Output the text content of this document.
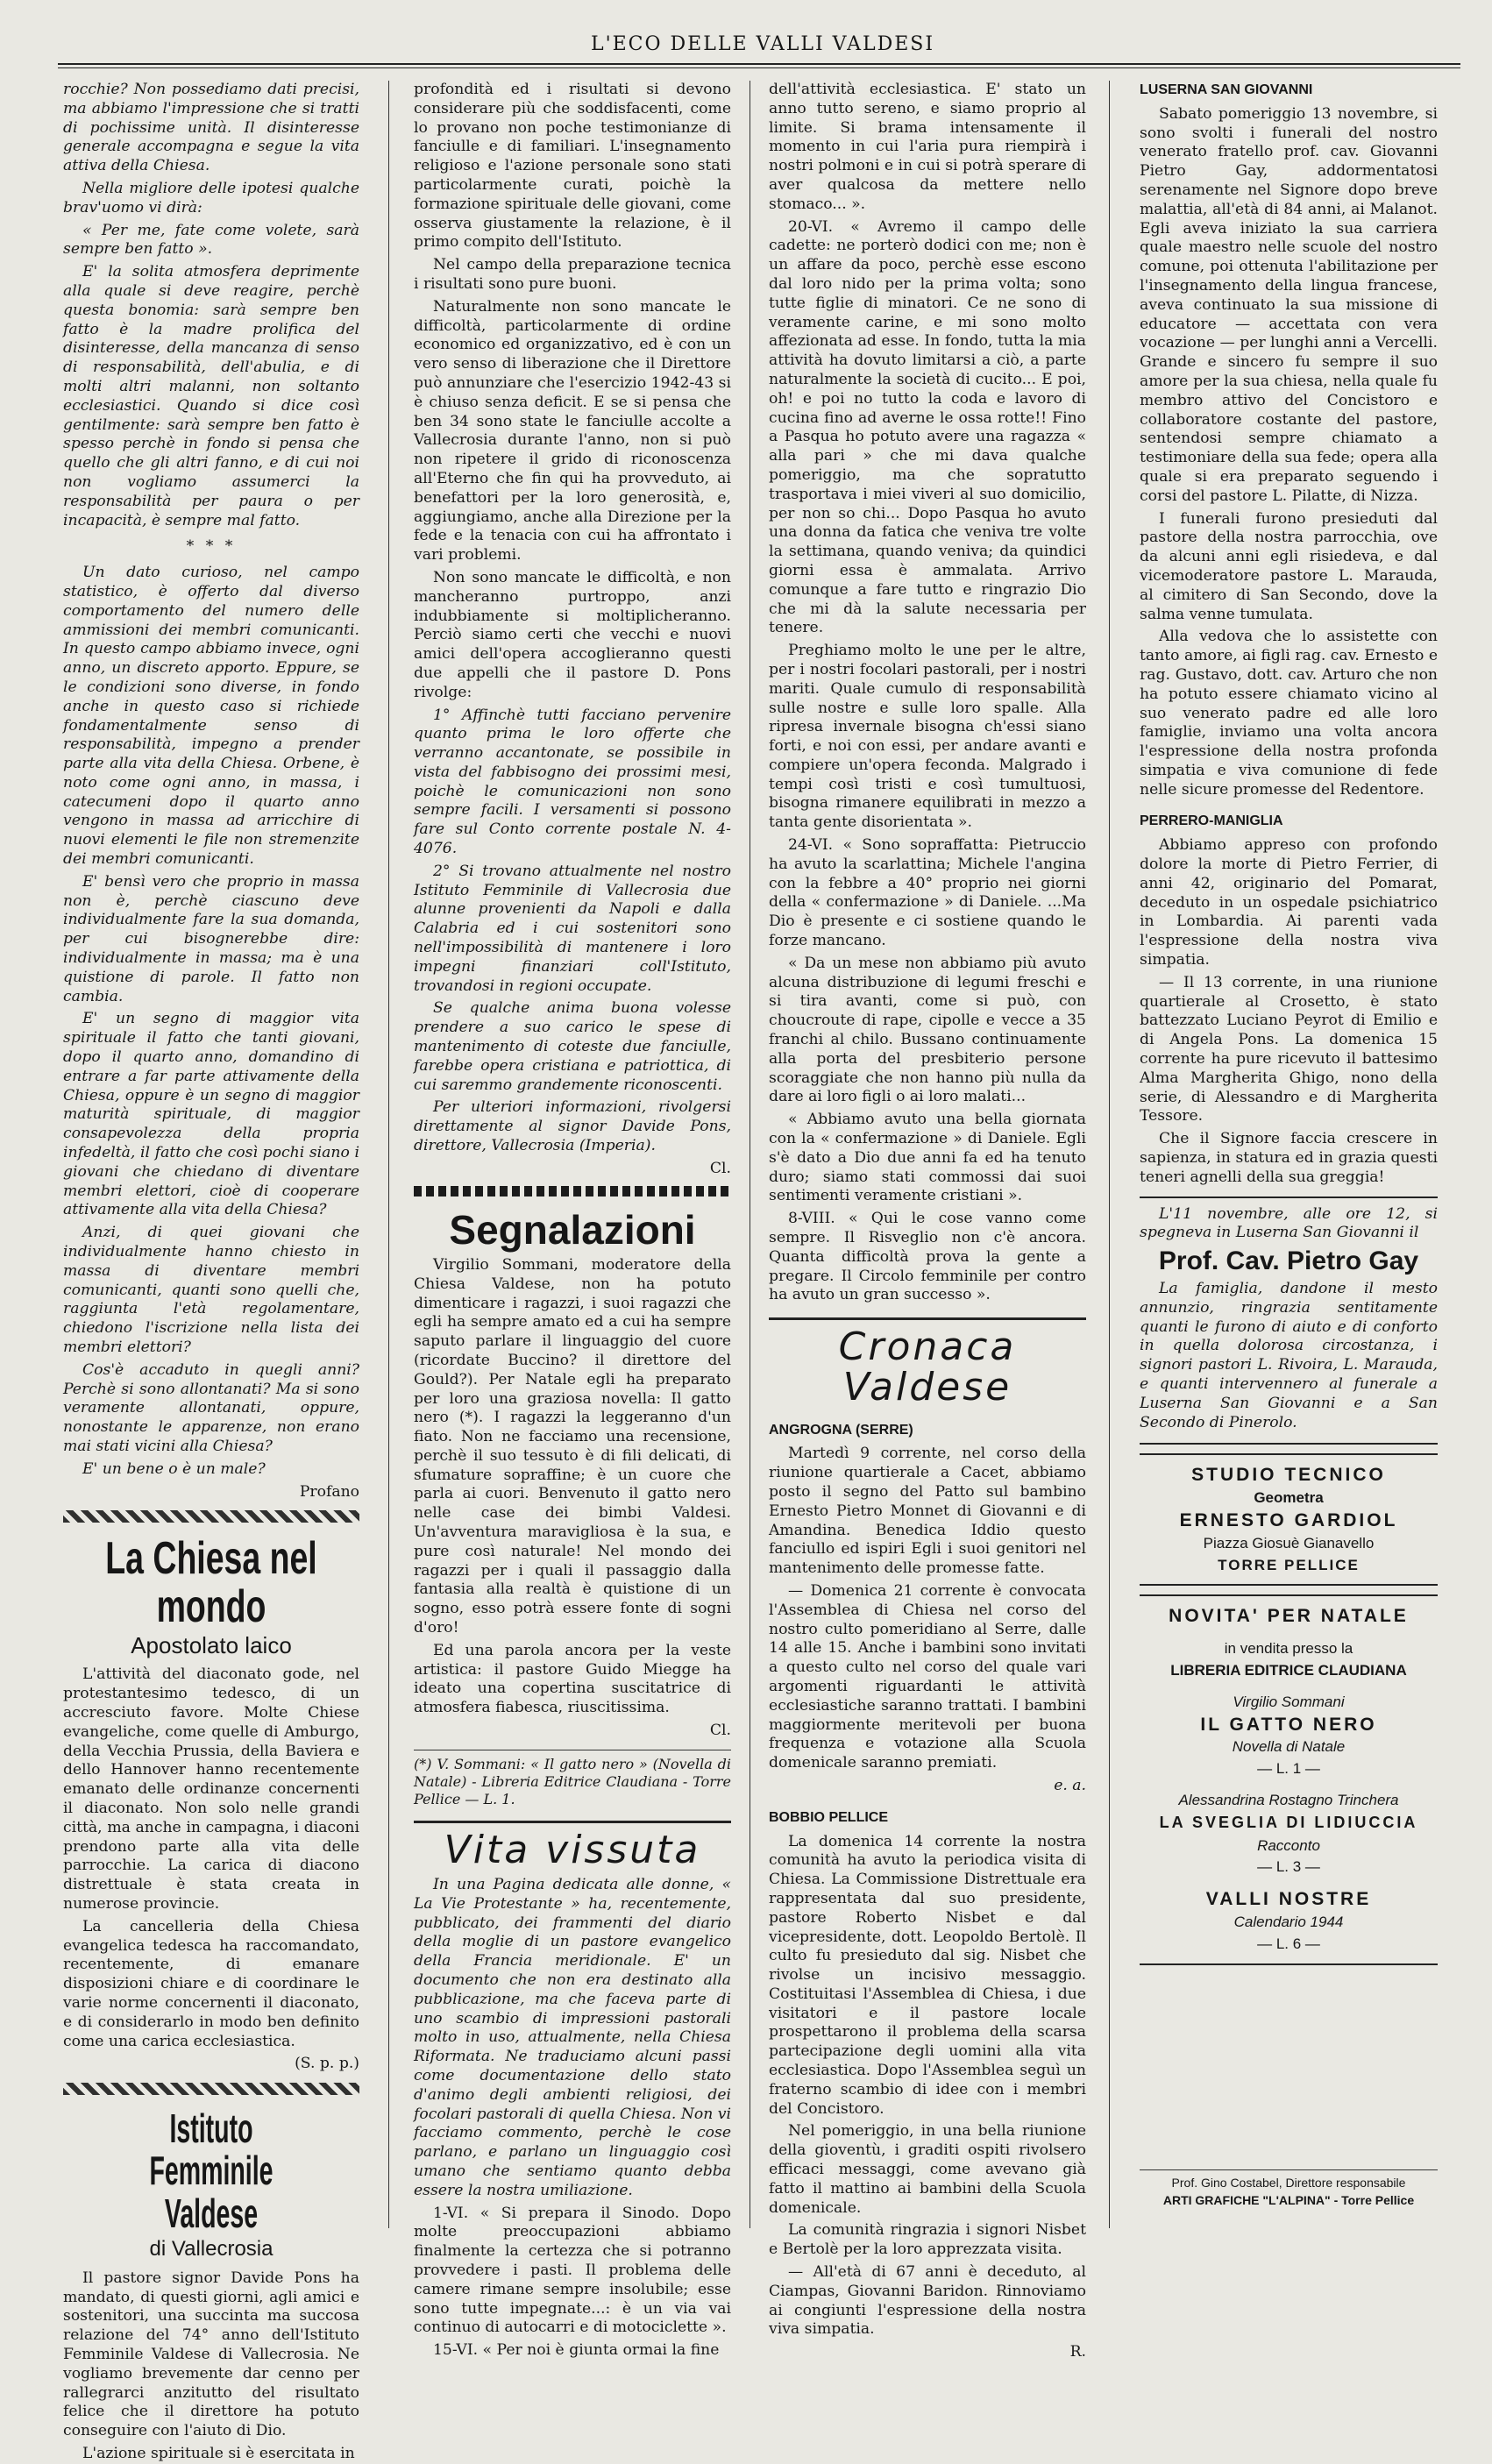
L'ECO DELLE VALLI VALDESI

rocchie? Non possediamo dati precisi, ma abbiamo l'impressione che si tratti di pochissime unità. Il disinteresse generale accompagna e segue la vita attiva della Chiesa.

Nella migliore delle ipotesi qualche brav'uomo vi dirà:

« Per me, fate come volete, sarà sempre ben fatto ».

E' la solita atmosfera deprimente alla quale si deve reagire, perchè questa bonomia: sarà sempre ben fatto è la madre prolifica del disinteresse, della mancanza di senso di responsabilità, dell'abulia, e di molti altri malanni, non soltanto ecclesiastici. Quando si dice così gentilmente: sarà sempre ben fatto è spesso perchè in fondo si pensa che quello che gli altri fanno, e di cui noi non vogliamo assumerci la responsabilità per paura o per incapacità, è sempre mal fatto.

* * *

Un dato curioso, nel campo statistico, è offerto dal diverso comportamento del numero delle ammissioni dei membri comunicanti. In questo campo abbiamo invece, ogni anno, un discreto apporto. Eppure, se le condizioni sono diverse, in fondo anche in questo caso si richiede fondamentalmente senso di responsabilità, impegno a prender parte alla vita della Chiesa. Orbene, è noto come ogni anno, in massa, i catecumeni dopo il quarto anno vengono in massa ad arricchire di nuovi elementi le file non stremenzite dei membri comunicanti.

E' bensì vero che proprio in massa non è, perchè ciascuno deve individualmente fare la sua domanda, per cui bisognerebbe dire: individualmente in massa; ma è una quistione di parole. Il fatto non cambia.

E' un segno di maggior vita spirituale il fatto che tanti giovani, dopo il quarto anno, domandino di entrare a far parte attivamente della Chiesa, oppure è un segno di maggior maturità spirituale, di maggior consapevolezza della propria infedeltà, il fatto che così pochi siano i giovani che chiedano di diventare membri elettori, cioè di cooperare attivamente alla vita della Chiesa?

Anzi, di quei giovani che individualmente hanno chiesto in massa di diventare membri comunicanti, quanti sono quelli che, raggiunta l'età regolamentare, chiedono l'iscrizione nella lista dei membri elettori?

Cos'è accaduto in quegli anni? Perchè si sono allontanati? Ma si sono veramente allontanati, oppure, nonostante le apparenze, non erano mai stati vicini alla Chiesa?

E' un bene o è un male?

Profano

La Chiesa nel mondo
Apostolato laico

L'attività del diaconato gode, nel protestantesimo tedesco, di un accresciuto favore. Molte Chiese evangeliche, come quelle di Amburgo, della Vecchia Prussia, della Baviera e dello Hannover hanno recentemente emanato delle ordinanze concernenti il diaconato. Non solo nelle grandi città, ma anche in campagna, i diaconi prendono parte alla vita delle parrocchie. La carica di diacono distrettuale è stata creata in numerose provincie.

La cancelleria della Chiesa evangelica tedesca ha raccomandato, recentemente, di emanare disposizioni chiare e di coordinare le varie norme concernenti il diaconato, e di considerarlo in modo ben definito come una carica ecclesiastica.

(S. p. p.)

Istituto Femminile Valdese
di Vallecrosia

Il pastore signor Davide Pons ha mandato, di questi giorni, agli amici e sostenitori, una succinta ma succosa relazione del 74° anno dell'Istituto Femminile Valdese di Vallecrosia. Ne vogliamo brevemente dar cenno per rallegrarci anzitutto del risultato felice che il direttore ha potuto conseguire con l'aiuto di Dio.

L'azione spirituale si è esercitata in

profondità ed i risultati si devono considerare più che soddisfacenti, come lo provano non poche testimonianze di fanciulle e di familiari. L'insegnamento religioso e l'azione personale sono stati particolarmente curati, poichè la formazione spirituale delle giovani, come osserva giustamente la relazione, è il primo compito dell'Istituto.

Nel campo della preparazione tecnica i risultati sono pure buoni.

Naturalmente non sono mancate le difficoltà, particolarmente di ordine economico ed organizzativo, ed è con un vero senso di liberazione che il Direttore può annunziare che l'esercizio 1942-43 si è chiuso senza deficit. E se si pensa che ben 34 sono state le fanciulle accolte a Vallecrosia durante l'anno, non si può non ripetere il grido di riconoscenza all'Eterno che fin qui ha provveduto, ai benefattori per la loro generosità, e, aggiungiamo, anche alla Direzione per la fede e la tenacia con cui ha affrontato i vari problemi.

Non sono mancate le difficoltà, e non mancheranno purtroppo, anzi indubbiamente si moltiplicheranno. Perciò siamo certi che vecchi e nuovi amici dell'opera accoglieranno questi due appelli che il pastore D. Pons rivolge:

1° Affinchè tutti facciano pervenire quanto prima le loro offerte che verranno accantonate, se possibile in vista del fabbisogno dei prossimi mesi, poichè le comunicazioni non sono sempre facili. I versamenti si possono fare sul Conto corrente postale N. 4-4076.

2° Si trovano attualmente nel nostro Istituto Femminile di Vallecrosia due alunne provenienti da Napoli e dalla Calabria ed i cui sostenitori sono nell'impossibilità di mantenere i loro impegni finanziari coll'Istituto, trovandosi in regioni occupate.

Se qualche anima buona volesse prendere a suo carico le spese di mantenimento di coteste due fanciulle, farebbe opera cristiana e patriottica, di cui saremmo grandemente riconoscenti.

Per ulteriori informazioni, rivolgersi direttamente al signor Davide Pons, direttore, Vallecrosia (Imperia).

Cl.

Segnalazioni

Virgilio Sommani, moderatore della Chiesa Valdese, non ha potuto dimenticare i ragazzi, i suoi ragazzi che egli ha sempre amato ed a cui ha sempre saputo parlare il linguaggio del cuore (ricordate Buccino? il direttore del Gould?). Per Natale egli ha preparato per loro una graziosa novella: Il gatto nero (*). I ragazzi la leggeranno d'un fiato. Non ne facciamo una recensione, perchè il suo tessuto è di fili delicati, di sfumature sopraffine; è un cuore che parla ai cuori. Benvenuto il gatto nero nelle case dei bimbi Valdesi. Un'avventura maravigliosa è la sua, e pure così naturale! Nel mondo dei ragazzi per i quali il passaggio dalla fantasia alla realtà è quistione di un sogno, esso potrà essere fonte di sogni d'oro!

Ed una parola ancora per la veste artistica: il pastore Guido Miegge ha ideato una copertina suscitatrice di atmosfera fiabesca, riuscitissima.

Cl.

(*) V. Sommani: « Il gatto nero » (Novella di Natale) - Libreria Editrice Claudiana - Torre Pellice — L. 1.
Vita vissuta

In una Pagina dedicata alle donne, « La Vie Protestante » ha, recentemente, pubblicato, dei frammenti del diario della moglie di un pastore evangelico della Francia meridionale. E' un documento che non era destinato alla pubblicazione, ma che faceva parte di uno scambio di impressioni pastorali molto in uso, attualmente, nella Chiesa Riformata. Ne traduciamo alcuni passi come documentazione dello stato d'animo degli ambienti religiosi, dei focolari pastorali di quella Chiesa. Non vi facciamo commento, perchè le cose parlano, e parlano un linguaggio così umano che sentiamo quanto debba essere la nostra umiliazione.

1-VI. « Si prepara il Sinodo. Dopo molte preoccupazioni abbiamo finalmente la certezza che si potranno provvedere i pasti. Il problema delle camere rimane sempre insolubile; esse sono tutte impegnate...: è un via vai continuo di autocarri e di motociclette ».

15-VI. « Per noi è giunta ormai la fine

dell'attività ecclesiastica. E' stato un anno tutto sereno, e siamo proprio al limite. Si brama intensamente il momento in cui l'aria pura riempirà i nostri polmoni e in cui si potrà sperare di aver qualcosa da mettere nello stomaco... ».

20-VI. « Avremo il campo delle cadette: ne porterò dodici con me; non è un affare da poco, perchè esse escono dal loro nido per la prima volta; sono tutte figlie di minatori. Ce ne sono di veramente carine, e mi sono molto affezionata ad esse. In fondo, tutta la mia attività ha dovuto limitarsi a ciò, a parte naturalmente la società di cucito... E poi, oh! e poi no tutto la coda e lavoro di cucina fino ad averne le ossa rotte!! Fino a Pasqua ho potuto avere una ragazza « alla pari » che mi dava qualche pomeriggio, ma che sopratutto trasportava i miei viveri al suo domicilio, per non so chi... Dopo Pasqua ho avuto una donna da fatica che veniva tre volte la settimana, quando veniva; da quindici giorni essa è ammalata. Arrivo comunque a fare tutto e ringrazio Dio che mi dà la salute necessaria per tenere.

Preghiamo molto le une per le altre, per i nostri focolari pastorali, per i nostri mariti. Quale cumulo di responsabilità sulle nostre e sulle loro spalle. Alla ripresa invernale bisogna ch'essi siano forti, e noi con essi, per andare avanti e compiere un'opera feconda. Malgrado i tempi così tristi e così tumultuosi, bisogna rimanere equilibrati in mezzo a tanta gente disorientata ».

24-VI. « Sono sopraffatta: Pietruccio ha avuto la scarlattina; Michele l'angina con la febbre a 40° proprio nei giorni della « confermazione » di Daniele. ...Ma Dio è presente e ci sostiene quando le forze mancano.

« Da un mese non abbiamo più avuto alcuna distribuzione di legumi freschi e si tira avanti, come si può, con choucroute di rape, cipolle e vecce a 35 franchi al chilo. Bussano continuamente alla porta del presbiterio persone scoraggiate che non hanno più nulla da dare ai loro figli o ai loro malati...

« Abbiamo avuto una bella giornata con la « confermazione » di Daniele. Egli s'è dato a Dio due anni fa ed ha tenuto duro; siamo stati commossi dai suoi sentimenti veramente cristiani ».

8-VIII. « Qui le cose vanno come sempre. Il Risveglio non c'è ancora. Quanta difficoltà prova la gente a pregare. Il Circolo femminile per contro ha avuto un gran successo ».

Cronaca Valdese
ANGROGNA (SERRE)

Martedì 9 corrente, nel corso della riunione quartierale a Cacet, abbiamo posto il segno del Patto sul bambino Ernesto Pietro Monnet di Giovanni e di Amandina. Benedica Iddio questo fanciullo ed ispiri Egli i suoi genitori nel mantenimento delle promesse fatte.

— Domenica 21 corrente è convocata l'Assemblea di Chiesa nel corso del nostro culto pomeridiano al Serre, dalle 14 alle 15. Anche i bambini sono invitati a questo culto nel corso del quale vari argomenti riguardanti le attività ecclesiastiche saranno trattati. I bambini maggiormente meritevoli per buona frequenza e votazione alla Scuola domenicale saranno premiati.

e. a.

BOBBIO PELLICE

La domenica 14 corrente la nostra comunità ha avuto la periodica visita di Chiesa. La Commissione Distrettuale era rappresentata dal suo presidente, pastore Roberto Nisbet e dal vicepresidente, dott. Leopoldo Bertolè. Il culto fu presieduto dal sig. Nisbet che rivolse un incisivo messaggio. Costituitasi l'Assemblea di Chiesa, i due visitatori e il pastore locale prospettarono il problema della scarsa partecipazione degli uomini alla vita ecclesiastica. Dopo l'Assemblea seguì un fraterno scambio di idee con i membri del Concistoro.

Nel pomeriggio, in una bella riunione della gioventù, i graditi ospiti rivolsero efficaci messaggi, come avevano già fatto il mattino ai bambini della Scuola domenicale.

La comunità ringrazia i signori Nisbet e Bertolè per la loro apprezzata visita.

— All'età di 67 anni è deceduto, al Ciampas, Giovanni Baridon. Rinnoviamo ai congiunti l'espressione della nostra viva simpatia.

R.

LUSERNA SAN GIOVANNI

Sabato pomeriggio 13 novembre, si sono svolti i funerali del nostro venerato fratello prof. cav. Giovanni Pietro Gay, addormentatosi serenamente nel Signore dopo breve malattia, all'età di 84 anni, ai Malanot. Egli aveva iniziato la sua carriera quale maestro nelle scuole del nostro comune, poi ottenuta l'abilitazione per l'insegnamento della lingua francese, aveva continuato la sua missione di educatore — accettata con vera vocazione — per lunghi anni a Vercelli. Grande e sincero fu sempre il suo amore per la sua chiesa, nella quale fu membro attivo del Concistoro e collaboratore costante del pastore, sentendosi sempre chiamato a testimoniare della sua fede; opera alla quale si era preparato seguendo i corsi del pastore L. Pilatte, di Nizza.

I funerali furono presieduti dal pastore della nostra parrocchia, ove da alcuni anni egli risiedeva, e dal vicemoderatore pastore L. Marauda, al cimitero di San Secondo, dove la salma venne tumulata.

Alla vedova che lo assistette con tanto amore, ai figli rag. cav. Ernesto e rag. Gustavo, dott. cav. Arturo che non ha potuto essere chiamato vicino al suo venerato padre ed alle loro famiglie, inviamo una volta ancora l'espressione della nostra profonda simpatia e viva comunione di fede nelle sicure promesse del Redentore.

PERRERO-MANIGLIA

Abbiamo appreso con profondo dolore la morte di Pietro Ferrier, di anni 42, originario del Pomarat, deceduto in un ospedale psichiatrico in Lombardia. Ai parenti vada l'espressione della nostra viva simpatia.

— Il 13 corrente, in una riunione quartierale al Crosetto, è stato battezzato Luciano Peyrot di Emilio e di Angela Pons. La domenica 15 corrente ha pure ricevuto il battesimo Alma Margherita Ghigo, nono della serie, di Alessandro e di Margherita Tessore.

Che il Signore faccia crescere in sapienza, in statura ed in grazia questi teneri agnelli della sua greggia!

L'11 novembre, alle ore 12, si spegneva in Luserna San Giovanni il

Prof. Cav. Pietro Gay

La famiglia, dandone il mesto annunzio, ringrazia sentitamente quanti le furono di aiuto e di conforto in quella dolorosa circostanza, i signori pastori L. Rivoira, L. Marauda, e quanti intervennero al funerale a Luserna San Giovanni e a San Secondo di Pinerolo.

STUDIO TECNICO
Geometra
ERNESTO GARDIOL
Piazza Giosuè Gianavello
TORRE PELLICE
NOVITA' PER NATALE
in vendita presso la
LIBRERIA EDITRICE CLAUDIANA
Virgilio Sommani
IL GATTO NERO
Novella di Natale
— L. 1 —
Alessandrina Rostagno Trinchera
LA SVEGLIA DI LIDIUCCIA
Racconto
— L. 3 —
VALLI NOSTRE
Calendario 1944
— L. 6 —
Prof. Gino Costabel, Direttore responsabile
ARTI GRAFICHE "L'ALPINA" - Torre Pellice
